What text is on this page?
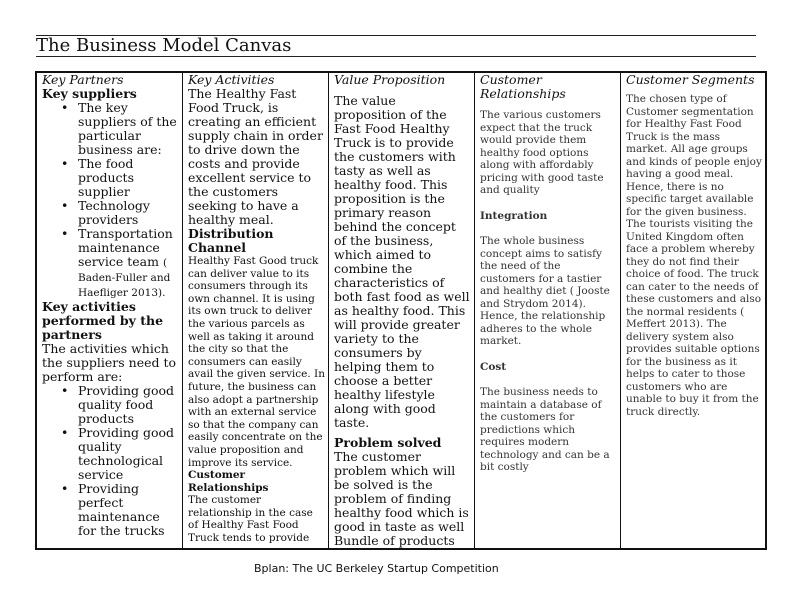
The Business Model Canvas
Key Partners
Key suppliers
• The key suppliers of the particular business are:
• The food products supplier
• Technology providers
• Transportation maintenance service team ( Baden-Fuller and Haefliger 2013).
Key activities performed by the partners
The activities which the suppliers need to perform are:
• Providing good quality food products
• Providing good quality technological service
• Providing perfect maintenance for the trucks
Key Activities
The Healthy Fast Food Truck, is creating an efficient supply chain in order to drive down the costs and provide excellent service to the customers seeking to have a healthy meal.
Distribution Channel
Healthy Fast Good truck can deliver value to its consumers through its own channel. It is using its own truck to deliver the various parcels as well as taking it around the city so that the consumers can easily avail the given service. In future, the business can also adopt a partnership with an external service so that the company can easily concentrate on the value proposition and improve its service.
Customer Relationships
The customer relationship in the case of Healthy Fast Food Truck tends to provide
Value Proposition
The value proposition of the Fast Food Healthy Truck is to provide the customers with tasty as well as healthy food. This proposition is the primary reason behind the concept of the business, which aimed to combine the characteristics of both fast food as well as healthy food. This will provide greater variety to the consumers by helping them to choose a better healthy lifestyle along with good taste.
Problem solved
The customer problem which will be solved is the problem of finding healthy food which is good in taste as well Bundle of products
Customer Relationships
The various customers expect that the truck would provide them healthy food options along with affordably pricing with good taste and quality
Integration
The whole business concept aims to satisfy the need of the customers for a tastier and healthy diet ( Jooste and Strydom 2014). Hence, the relationship adheres to the whole market.
Cost
The business needs to maintain a database of the customers for predictions which requires modern technology and can be a bit costly
Customer Segments
The chosen type of Customer segmentation for Healthy Fast Food Truck is the mass market. All age groups and kinds of people enjoy having a good meal. Hence, there is no specific target available for the given business. The tourists visiting the United Kingdom often face a problem whereby they do not find their choice of food. The truck can cater to the needs of these customers and also the normal residents ( Meffert 2013). The delivery system also provides suitable options for the business as it helps to cater to those customers who are unable to buy it from the truck directly.
Bplan: The UC Berkeley Startup Competition
